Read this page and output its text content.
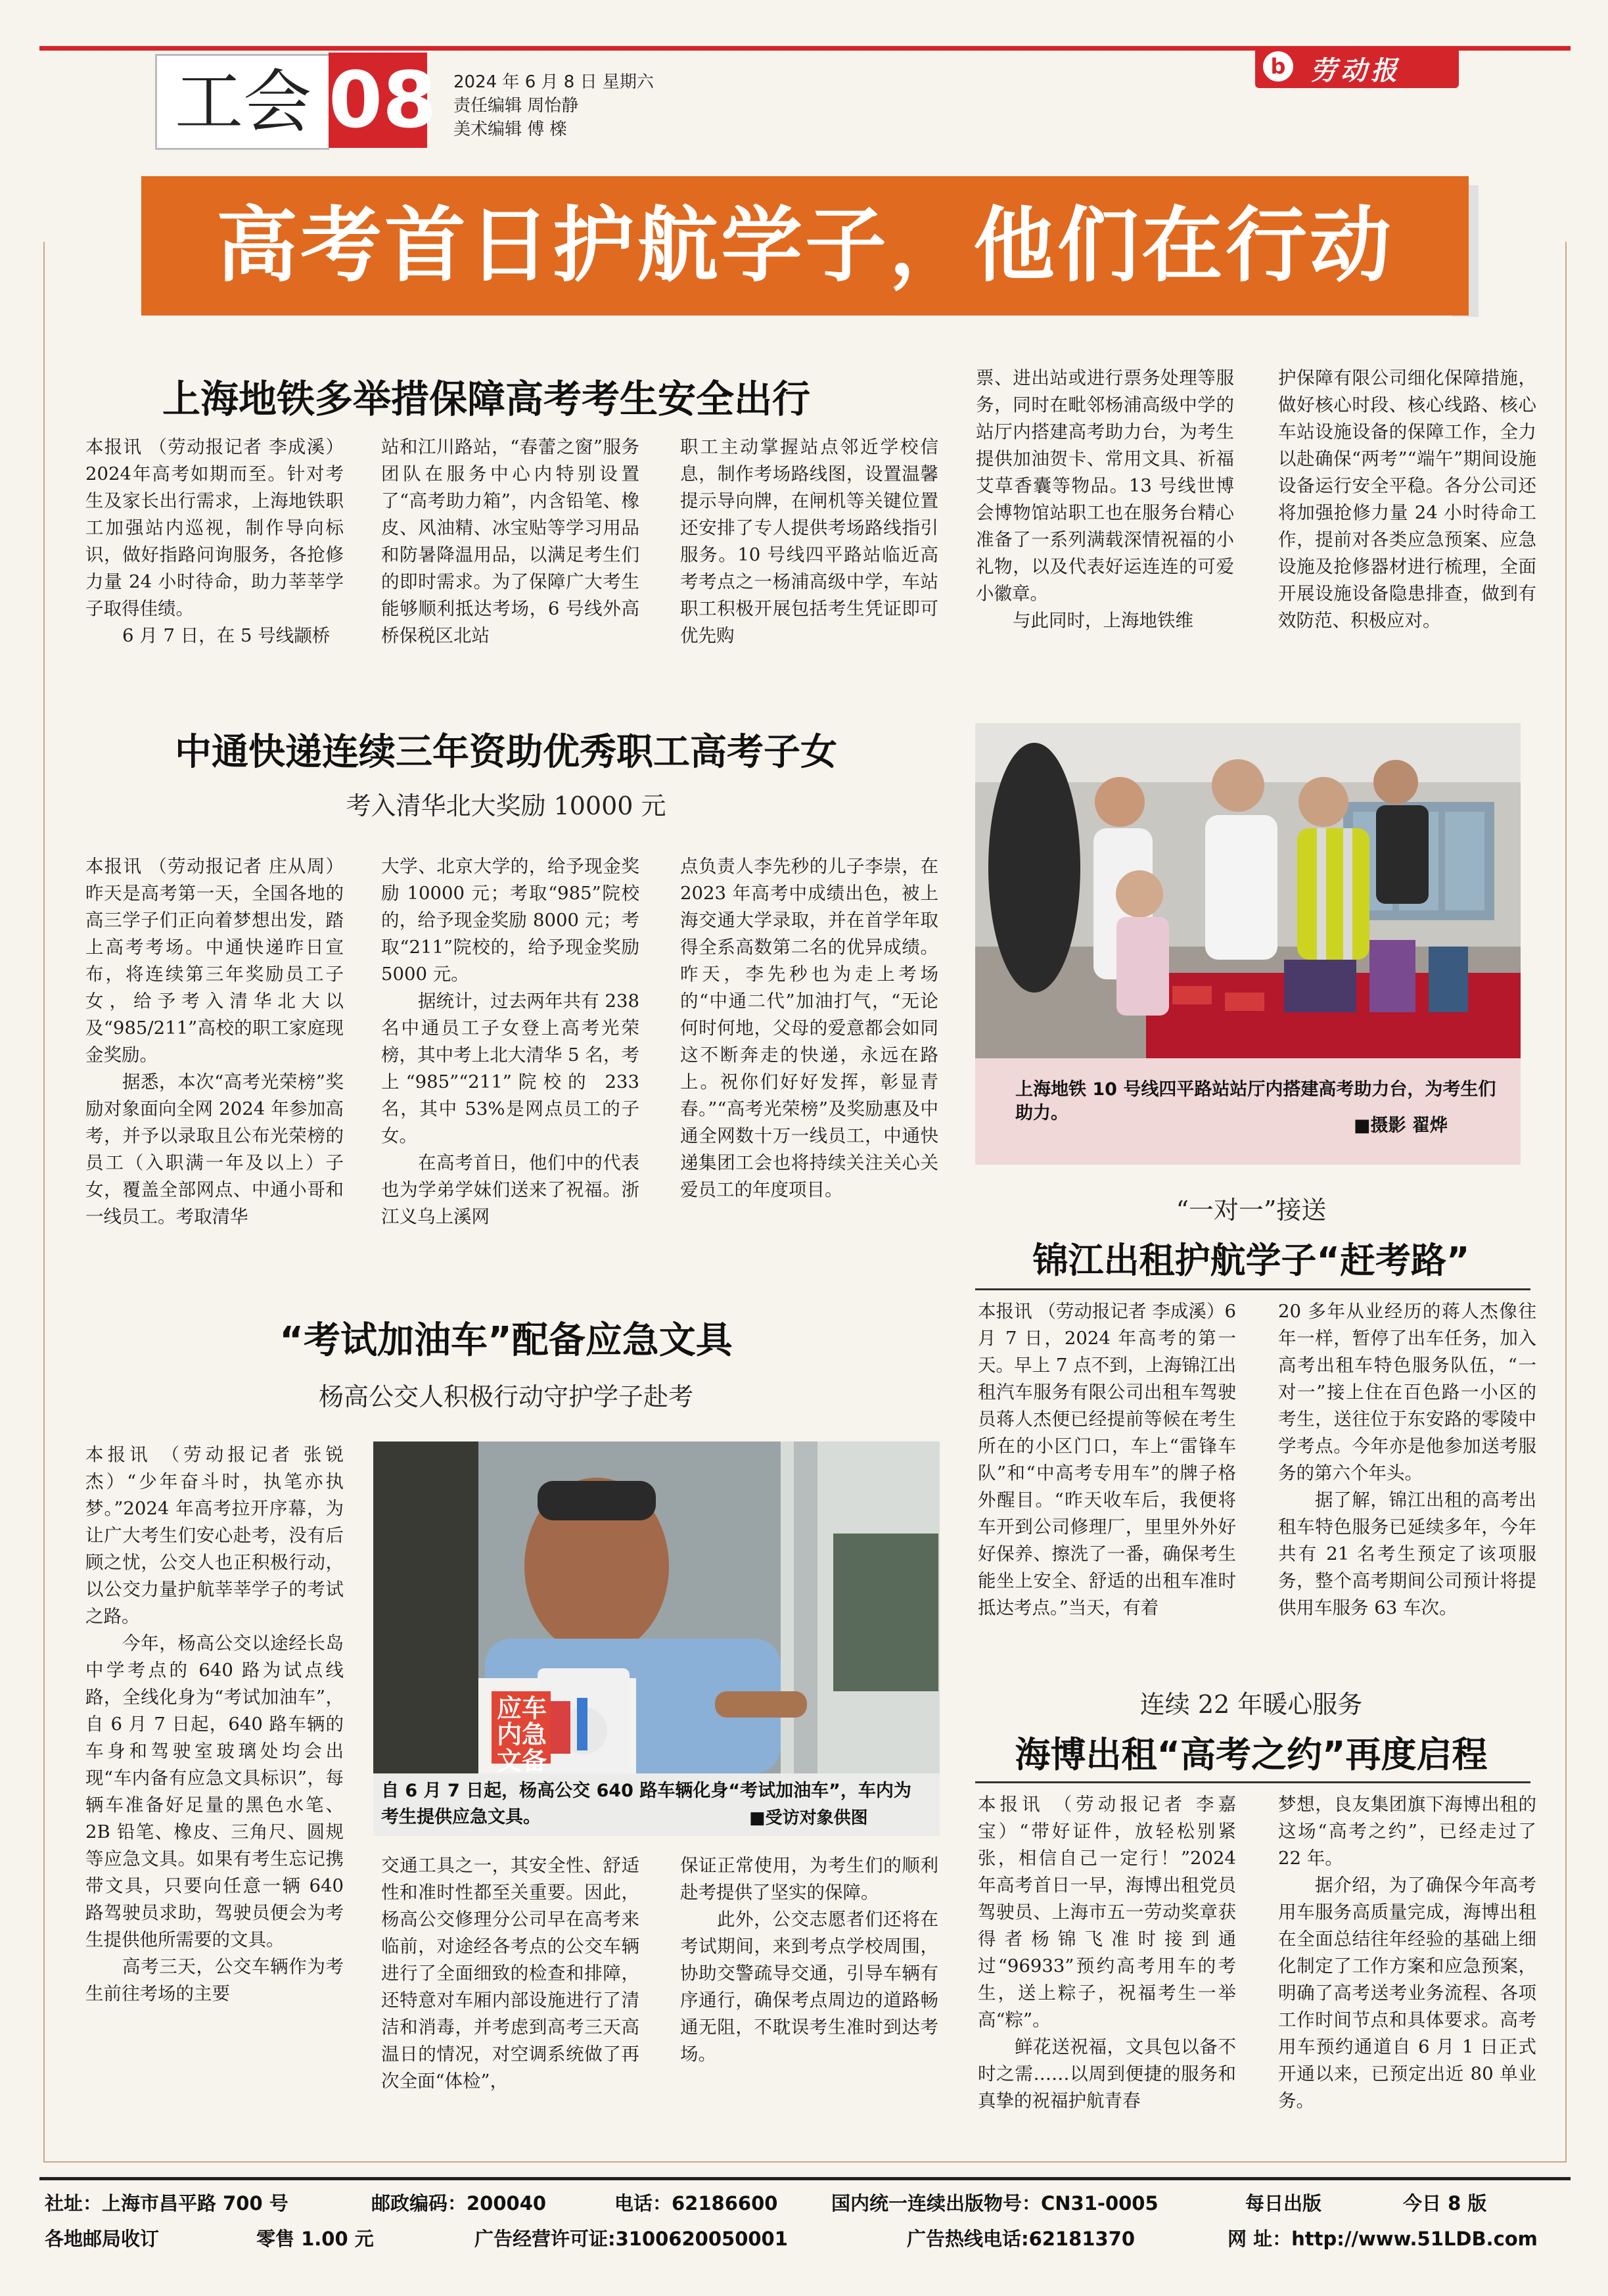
工会 08 2024 年 6 月 8 日 星期六
责任编辑 周怡静
美术编辑 傅 檪
b 劳动报
高考首日护航学子，他们在行动
上海地铁多举措保障高考考生安全出行

本报讯 （劳动报记者 李成溪）2024年高考如期而至。针对考生及家长出行需求，上海地铁职工加强站内巡视，制作导向标识，做好指路问询服务，各抢修力量 24 小时待命，助力莘莘学子取得佳绩。

6 月 7 日，在 5 号线颛桥

站和江川路站，“春蕾之窗”服务团队在服务中心内特别设置了“高考助力箱”，内含铅笔、橡皮、风油精、冰宝贴等学习用品和防暑降温用品，以满足考生们的即时需求。为了保障广大考生能够顺利抵达考场，6 号线外高桥保税区北站

职工主动掌握站点邻近学校信息，制作考场路线图，设置温馨提示导向牌，在闸机等关键位置还安排了专人提供考场路线指引服务。10 号线四平路站临近高考考点之一杨浦高级中学，车站职工积极开展包括考生凭证即可优先购

票、进出站或进行票务处理等服务，同时在毗邻杨浦高级中学的站厅内搭建高考助力台，为考生提供加油贺卡、常用文具、祈福艾草香囊等物品。13 号线世博会博物馆站职工也在服务台精心准备了一系列满载深情祝福的小礼物，以及代表好运连连的可爱小徽章。

与此同时，上海地铁维

护保障有限公司细化保障措施，做好核心时段、核心线路、核心车站设施设备的保障工作，全力以赴确保“两考”“端午”期间设施设备运行安全平稳。各分公司还将加强抢修力量 24 小时待命工作，提前对各类应急预案、应急设施及抢修器材进行梳理，全面开展设施设备隐患排查，做到有效防范、积极应对。

中通快递连续三年资助优秀职工高考子女
考入清华北大奖励 10000 元

本报讯 （劳动报记者 庄从周）昨天是高考第一天，全国各地的高三学子们正向着梦想出发，踏上高考考场。中通快递昨日宣布，将连续第三年奖励员工子女，给予考入清华北大以及“985/211”高校的职工家庭现金奖励。

据悉，本次“高考光荣榜”奖励对象面向全网 2024 年参加高考，并予以录取且公布光荣榜的员工（入职满一年及以上）子女，覆盖全部网点、中通小哥和一线员工。考取清华

大学、北京大学的，给予现金奖励 10000 元；考取“985”院校的，给予现金奖励 8000 元；考取“211”院校的，给予现金奖励 5000 元。

据统计，过去两年共有 238 名中通员工子女登上高考光荣榜，其中考上北大清华 5 名，考上“985”“211”院校的 233 名，其中 53%是网点员工的子女。

在高考首日，他们中的代表也为学弟学妹们送来了祝福。浙江义乌上溪网

点负责人李先秒的儿子李崇，在 2023 年高考中成绩出色，被上海交通大学录取，并在首学年取得全系高数第二名的优异成绩。昨天，李先秒也为走上考场的“中通二代”加油打气，“无论何时何地，父母的爱意都会如同这不断奔走的快递，永远在路上。祝你们好好发挥，彰显青春。”“高考光荣榜”及奖励惠及中通全网数十万一线员工，中通快递集团工会也将持续关注关心关爱员工的年度项目。

上海地铁 10 号线四平路站站厅内搭建高考助力台，为考生们助力。
■摄影 翟烨
“考试加油车”配备应急文具
杨高公交人积极行动守护学子赴考

本报讯 （劳动报记者 张锐杰）“少年奋斗时，执笔亦执梦。”2024 年高考拉开序幕，为让广大考生们安心赴考，没有后顾之忧，公交人也正积极行动，以公交力量护航莘莘学子的考试之路。

今年，杨高公交以途经长岛中学考点的 640 路为试点线路，全线化身为“考试加油车”，自 6 月 7 日起，640 路车辆的车身和驾驶室玻璃处均会出现“车内备有应急文具标识”，每辆车准备好足量的黑色水笔、2B 铅笔、橡皮、三角尺、圆规等应急文具。如果有考生忘记携带文具，只要向任意一辆 640 路驾驶员求助，驾驶员便会为考生提供他所需要的文具。

高考三天，公交车辆作为考生前往考场的主要

应车内急文备
自 6 月 7 日起，杨高公交 640 路车辆化身“考试加油车”，车内为考生提供应急文具。	■受访对象供图

交通工具之一，其安全性、舒适性和准时性都至关重要。因此，杨高公交修理分公司早在高考来临前，对途经各考点的公交车辆进行了全面细致的检查和排障，还特意对车厢内部设施进行了清洁和消毒，并考虑到高考三天高温日的情况，对空调系统做了再次全面“体检”，

保证正常使用，为考生们的顺利赴考提供了坚实的保障。

此外，公交志愿者们还将在考试期间，来到考点学校周围，协助交警疏导交通，引导车辆有序通行，确保考点周边的道路畅通无阻，不耽误考生准时到达考场。

“一对一”接送
锦江出租护航学子“赶考路”

本报讯 （劳动报记者 李成溪）6 月 7 日，2024 年高考的第一天。早上 7 点不到，上海锦江出租汽车服务有限公司出租车驾驶员蒋人杰便已经提前等候在考生所在的小区门口，车上“雷锋车队”和“中高考专用车”的牌子格外醒目。“昨天收车后，我便将车开到公司修理厂，里里外外好好保养、擦洗了一番，确保考生能坐上安全、舒适的出租车准时抵达考点。”当天，有着

20 多年从业经历的蒋人杰像往年一样，暂停了出车任务，加入高考出租车特色服务队伍，“一对一”接上住在百色路一小区的考生，送往位于东安路的零陵中学考点。今年亦是他参加送考服务的第六个年头。

据了解，锦江出租的高考出租车特色服务已延续多年，今年共有 21 名考生预定了该项服务，整个高考期间公司预计将提供用车服务 63 车次。

连续 22 年暖心服务
海博出租“高考之约”再度启程

本报讯 （劳动报记者 李嘉宝）“带好证件，放轻松别紧张，相信自己一定行！”2024 年高考首日一早，海博出租党员驾驶员、上海市五一劳动奖章获得者杨锦飞准时接到通过“96933”预约高考用车的考生，送上粽子，祝福考生一举高“粽”。

鲜花送祝福，文具包以备不时之需……以周到便捷的服务和真挚的祝福护航青春

梦想，良友集团旗下海博出租的这场“高考之约”，已经走过了 22 年。

据介绍，为了确保今年高考用车服务高质量完成，海博出租在全面总结往年经验的基础上细化制定了工作方案和应急预案，明确了高考送考业务流程、各项工作时间节点和具体要求。高考用车预约通道自 6 月 1 日正式开通以来，已预定出近 80 单业务。

社址：上海市昌平路 700 号	邮政编码：200040	电话：62186600	国内统一连续出版物号：CN31-0005	每日出版	今日 8 版
各地邮局收订	零售 1.00 元	广告经营许可证:3100620050001	广告热线电话:62181370	网 址：http://www.51LDB.com
